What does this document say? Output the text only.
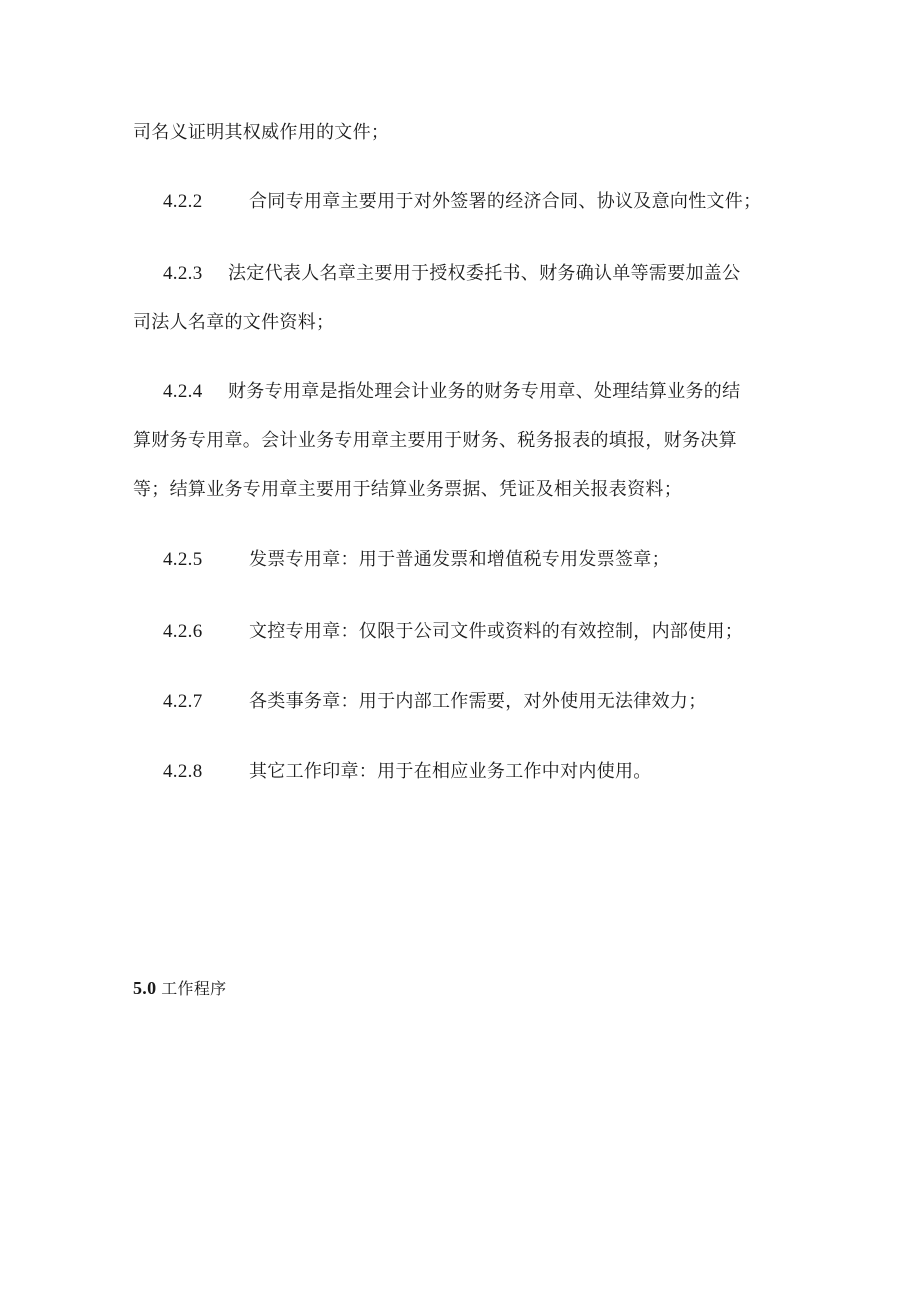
司名义证明其权威作用的文件；
4.2.2	合同专用章主要用于对外签署的经济合同、协议及意向性文件；
4.2.3 法定代表人名章主要用于授权委托书、财务确认单等需要加盖公
司法人名章的文件资料；
4.2.4 财务专用章是指处理会计业务的财务专用章、处理结算业务的结
算财务专用章。会计业务专用章主要用于财务、税务报表的填报，财务决算
等；结算业务专用章主要用于结算业务票据、凭证及相关报表资料；
4.2.5	发票专用章：用于普通发票和增值税专用发票签章；
4.2.6	文控专用章：仅限于公司文件或资料的有效控制，内部使用；
4.2.7	各类事务章：用于内部工作需要，对外使用无法律效力；
4.2.8	其它工作印章：用于在相应业务工作中对内使用。
5.0 工作程序
